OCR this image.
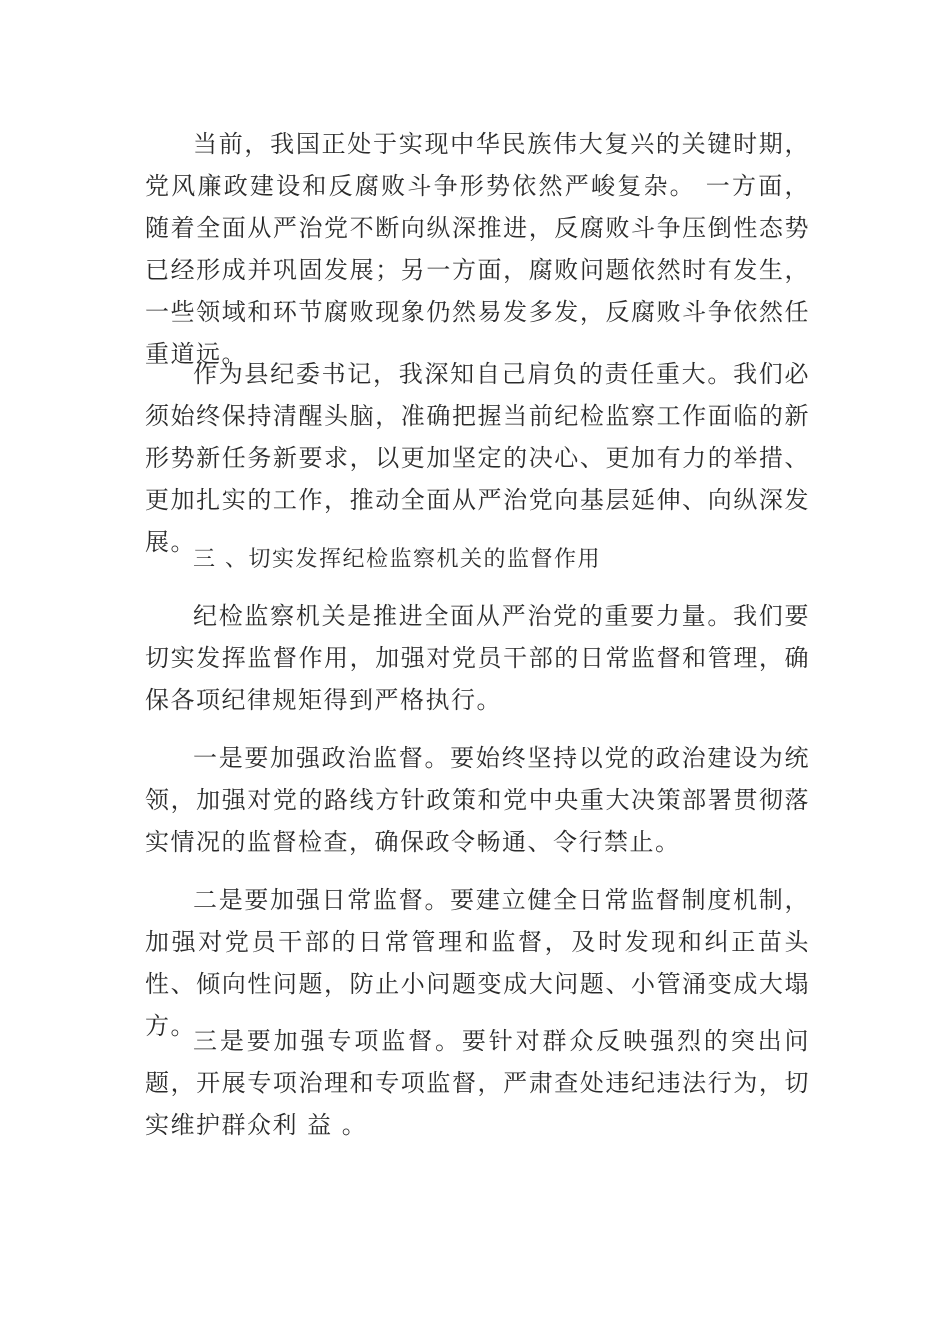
当前，我国正处于实现中华民族伟大复兴的关键时期，党风廉政建设和反腐败斗争形势依然严峻复杂。 一方面，随着全面从严治党不断向纵深推进，反腐败斗争压倒性态势已经形成并巩固发展；另一方面，腐败问题依然时有发生， 一些领域和环节腐败现象仍然易发多发，反腐败斗争依然任重道远。

作为县纪委书记，我深知自己肩负的责任重大。我们必须始终保持清醒头脑，准确把握当前纪检监察工作面临的新形势新任务新要求，以更加坚定的决心、更加有力的举措、更加扎实的工作，推动全面从严治党向基层延伸、向纵深发展。

三 、切实发挥纪检监察机关的监督作用

纪检监察机关是推进全面从严治党的重要力量。我们要切实发挥监督作用，加强对党员干部的日常监督和管理，确保各项纪律规矩得到严格执行。

一是要加强政治监督。要始终坚持以党的政治建设为统领，加强对党的路线方针政策和党中央重大决策部署贯彻落实情况的监督检查，确保政令畅通、令行禁止。

二是要加强日常监督。要建立健全日常监督制度机制，加强对党员干部的日常管理和监督，及时发现和纠正苗头性、倾向性问题，防止小问题变成大问题、小管涌变成大塌方。

三是要加强专项监督。要针对群众反映强烈的突出问题，开展专项治理和专项监督，严肃查处违纪违法行为，切实维护群众利 益 。
